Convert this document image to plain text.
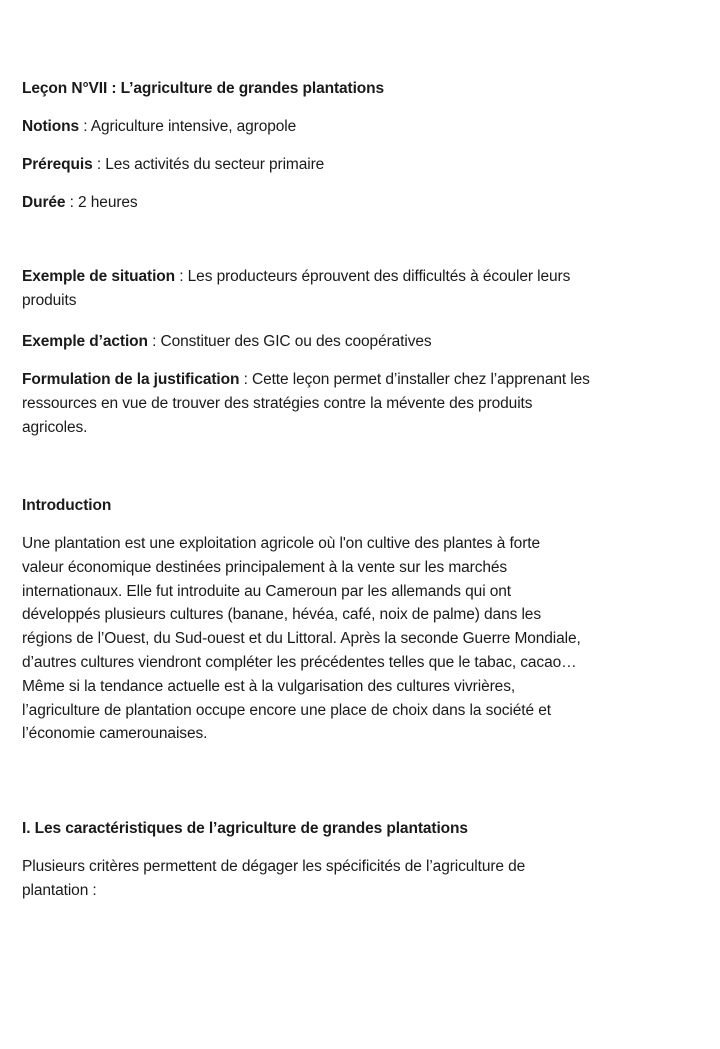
Leçon N°VII : L’agriculture de grandes plantations
Notions : Agriculture intensive, agropole
Prérequis : Les activités du secteur primaire
Durée : 2 heures
Exemple de situation : Les producteurs éprouvent des difficultés à écouler leurs
produits
Exemple d’action : Constituer des GIC ou des coopératives
Formulation de la justification : Cette leçon permet d’installer chez l’apprenant les
ressources en vue de trouver des stratégies contre la mévente des produits
agricoles.
Introduction
Une plantation est une exploitation agricole où l'on cultive des plantes à forte
valeur économique destinées principalement à la vente sur les marchés
internationaux. Elle fut introduite au Cameroun par les allemands qui ont
développés plusieurs cultures (banane, hévéa, café, noix de palme) dans les
régions de l’Ouest, du Sud-ouest et du Littoral. Après la seconde Guerre Mondiale,
d’autres cultures viendront compléter les précédentes telles que le tabac, cacao…
Même si la tendance actuelle est à la vulgarisation des cultures vivrières,
l’agriculture de plantation occupe encore une place de choix dans la société et
l’économie camerounaises.
I. Les caractéristiques de l’agriculture de grandes plantations
Plusieurs critères permettent de dégager les spécificités de l’agriculture de
plantation :
